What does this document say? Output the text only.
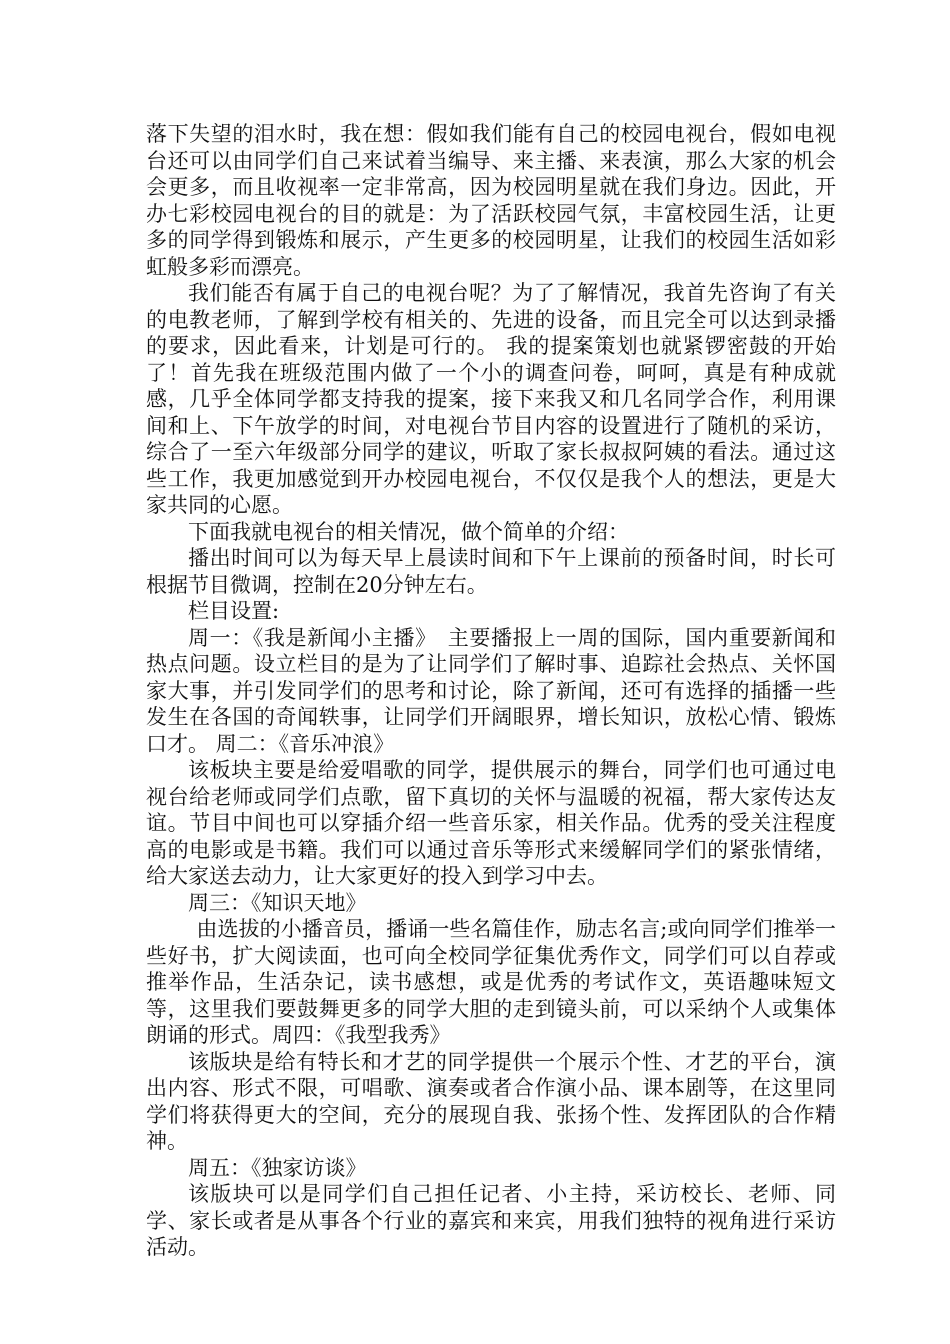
落下失望的泪水时，我在想：假如我们能有自己的校园电视台，假如电视台还可以由同学们自己来试着当编导、来主播、来表演，那么大家的机会会更多，而且收视率一定非常高，因为校园明星就在我们身边。因此，开办七彩校园电视台的目的就是：为了活跃校园气氛，丰富校园生活，让更多的同学得到锻炼和展示，产生更多的校园明星，让我们的校园生活如彩虹般多彩而漂亮。

我们能否有属于自己的电视台呢？为了了解情况，我首先咨询了有关的电教老师，了解到学校有相关的、先进的设备，而且完全可以达到录播的要求，因此看来，计划是可行的。 我的提案策划也就紧锣密鼓的开始了！首先我在班级范围内做了一个小的调查问卷，呵呵，真是有种成就感，几乎全体同学都支持我的提案，接下来我又和几名同学合作，利用课间和上、下午放学的时间，对电视台节目内容的设置进行了随机的采访，综合了一至六年级部分同学的建议，听取了家长叔叔阿姨的看法。通过这些工作，我更加感觉到开办校园电视台，不仅仅是我个人的想法，更是大家共同的心愿。

下面我就电视台的相关情况，做个简单的介绍：

播出时间可以为每天早上晨读时间和下午上课前的预备时间，时长可根据节目微调，控制在20分钟左右。

栏目设置:

周一：《我是新闻小主播》　主要播报上一周的国际，国内重要新闻和热点问题。设立栏目的是为了让同学们了解时事、追踪社会热点、关怀国家大事，并引发同学们的思考和讨论，除了新闻，还可有选择的插播一些发生在各国的奇闻轶事，让同学们开阔眼界，增长知识，放松心情、锻炼口才。 周二：《音乐冲浪》

该板块主要是给爱唱歌的同学，提供展示的舞台，同学们也可通过电视台给老师或同学们点歌，留下真切的关怀与温暖的祝福，帮大家传达友谊。节目中间也可以穿插介绍一些音乐家，相关作品。优秀的受关注程度高的电影或是书籍。我们可以通过音乐等形式来缓解同学们的紧张情绪，给大家送去动力，让大家更好的投入到学习中去。

周三：《知识天地》

由选拔的小播音员，播诵一些名篇佳作，励志名言;或向同学们推举一些好书，扩大阅读面，也可向全校同学征集优秀作文，同学们可以自荐或推举作品，生活杂记，读书感想，或是优秀的考试作文，英语趣味短文等，这里我们要鼓舞更多的同学大胆的走到镜头前，可以采纳个人或集体朗诵的形式。周四：《我型我秀》

该版块是给有特长和才艺的同学提供一个展示个性、才艺的平台，演出内容、形式不限，可唱歌、演奏或者合作演小品、课本剧等，在这里同学们将获得更大的空间，充分的展现自我、张扬个性、发挥团队的合作精神。

周五：《独家访谈》

该版块可以是同学们自己担任记者、小主持，采访校长、老师、同学、家长或者是从事各个行业的嘉宾和来宾，用我们独特的视角进行采访活动。
